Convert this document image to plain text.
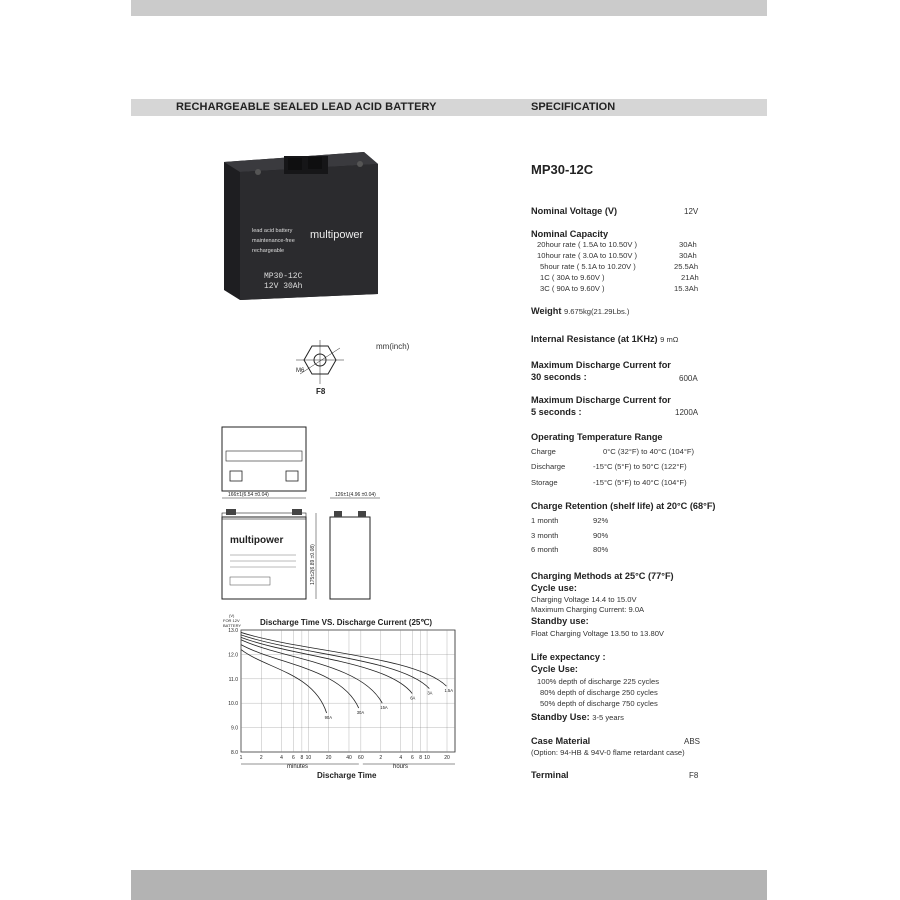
RECHARGEABLE SEALED LEAD ACID BATTERY	SPECIFICATION
lead acid battery
maintenance-free
rechargeable
multipower
MP30-12C
12V 30Ah
M6
F8
mm(inch)
166±1(6.54 ±0.04)	126±1(4.96 ±0.04)
multipower
175±2(6.89 ±0.08)
Discharge Time VS. Discharge Current (25℃)
(V)
FOR 12V
BATTERY
90A
30A
15A
6A
3A	1.5A
13.0
12.0
11.0
10.0
9.0
8.0
1	2	4 6 8 10	20	40 60	2	4 6 8 10	20
minutes	hours
Discharge Time
MP30-12C
Nominal Voltage (V)	12V
Nominal Capacity
20hour rate ( 1.5A to 10.50V )	30Ah
10hour rate ( 3.0A to 10.50V )	30Ah
5hour rate ( 5.1A to 10.20V )	25.5Ah
1C ( 30A to 9.60V )	21Ah
3C ( 90A to 9.60V )	15.3Ah
Weight 9.675kg(21.29Lbs.)
Internal Resistance (at 1KHz) 9 mΩ
Maximum Discharge Current for
30 seconds :	600A
Maximum Discharge Current for
5 seconds :	1200A
Operating Temperature Range
Charge	0°C (32°F) to 40°C (104°F)
Discharge	-15°C (5°F) to 50°C (122°F)
Storage	-15°C (5°F) to 40°C (104°F)
Charge Retention (shelf life) at 20°C (68°F)
1 month	92%
3 month	90%
6 month	80%
Charging Methods at 25°C (77°F)
Cycle use:
Charging Voltage 14.4 to 15.0V
Maximum Charging Current: 9.0A
Standby use:
Float Charging Voltage 13.50 to 13.80V
Life expectancy :
Cycle Use:
100% depth of discharge 225 cycles
80% depth of discharge 250 cycles
50% depth of discharge 750 cycles
Standby Use: 3-5 years
Case Material	ABS
(Option: 94-HB & 94V-0 flame retardant case)
Terminal	F8
